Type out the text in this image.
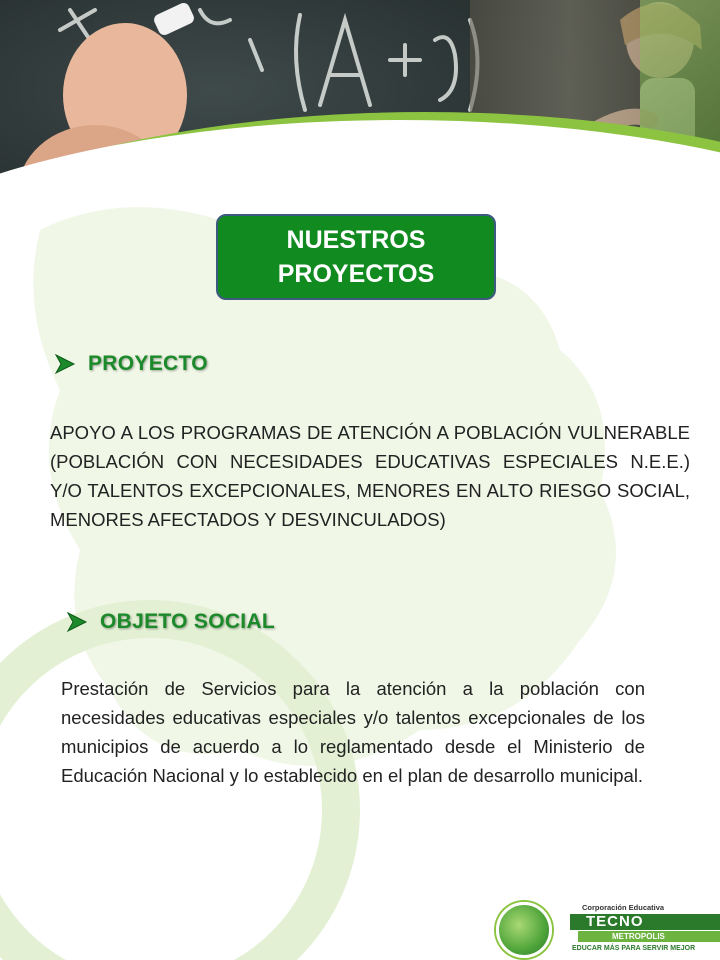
NUESTROS PROYECTOS
PROYECTO

APOYO A LOS PROGRAMAS DE ATENCIÓN A POBLACIÓN VULNERABLE (POBLACIÓN CON NECESIDADES EDUCATIVAS ESPECIALES N.E.E.) Y/O TALENTOS EXCEPCIONALES, MENORES EN ALTO RIESGO SOCIAL, MENORES AFECTADOS Y DESVINCULADOS)

OBJETO SOCIAL

Prestación de Servicios para la atención a la población con necesidades educativas especiales y/o talentos excepcionales de los municipios de acuerdo a lo reglamentado desde el Ministerio de Educación Nacional y lo establecido en el plan de desarrollo municipal.

Corporación Educativa
TECNO
METROPOLIS
EDUCAR MÁS PARA SERVIR MEJOR
